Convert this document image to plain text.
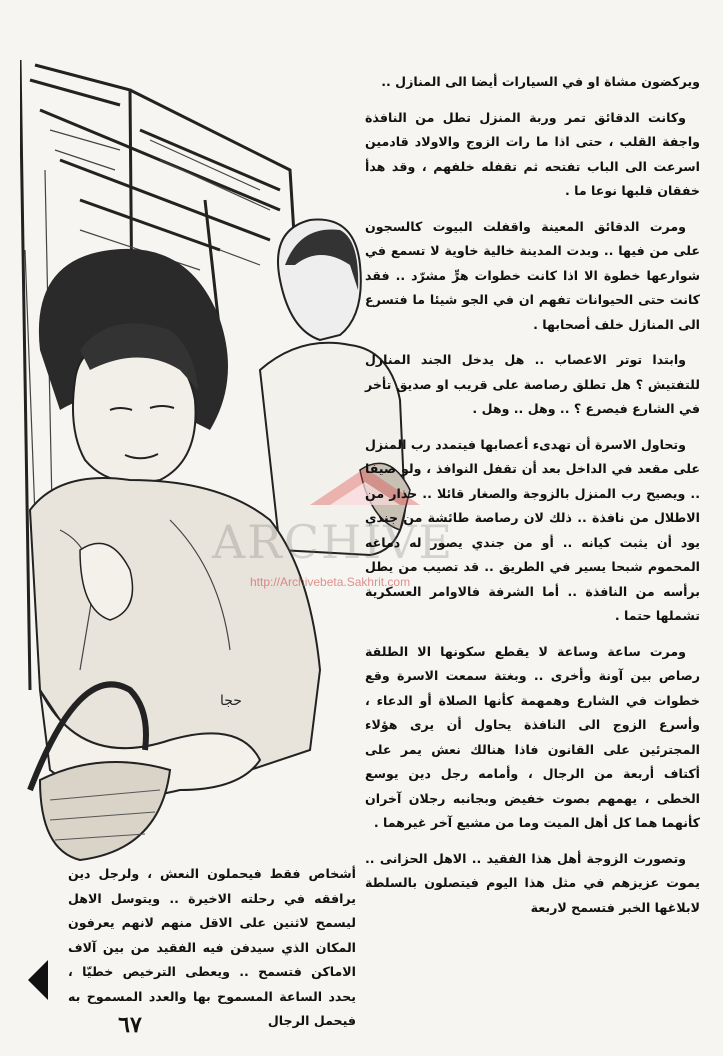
حجا
ARCHIVE
http://Archivebeta.Sakhrit.com

ويركضون مشاة او في السيارات أيضا الى المنازل ..

وكانت الدقائق تمر وربة المنزل تطل من النافذة واجفة القلب ، حتى اذا ما رات الزوج والاولاد قادمين اسرعت الى الباب تفتحه ثم تقفله خلفهم ، وقد هدأ خفقان قلبها نوعا ما .

ومرت الدقائق المعينة واقفلت البيوت كالسجون على من فيها .. وبدت المدينة خالية خاوية لا تسمع في شوارعها خطوة الا اذا كانت خطوات هرٍّ مشرّد .. فقد كانت حتى الحيوانات تفهم ان في الجو شيئا ما فتسرع الى المنازل خلف أصحابها .

وابتدا توتر الاعصاب .. هل يدخل الجند المنازل للتفتيش ؟ هل تطلق رصاصة على قريب او صديق تأخر في الشارع فيصرع ؟ .. وهل .. وهل .

وتحاول الاسرة أن تهدىء أعصابها فيتمدد رب المنزل على مقعد في الداخل بعد أن تقفل النوافذ ، ولو صيفا .. ويصيح رب المنزل بالزوجة والصغار قائلا .. حذار من الاطلال من نافذة .. ذلك لان رصاصة طائشة من جندي يود أن يثبت كيانه .. أو من جندي يصور له دماغه المحموم شبحا يسير في الطريق .. قد تصيب من يطل برأسه من النافذة .. أما الشرفة فالاوامر العسكرية تشملها حتما .

ومرت ساعة وساعة لا يقطع سكونها الا الطلقة رصاص بين آونة وأخرى .. وبغتة سمعت الاسرة وقع خطوات في الشارع وهمهمة كأنها الصلاة أو الدعاء ، وأسرع الزوج الى النافذة يحاول أن يرى هؤلاء المجترئين على القانون فاذا هنالك نعش يمر على أكتاف أربعة من الرجال ، وأمامه رجل دين يوسع الخطى ، يهمهم بصوت خفيض وبجانبه رجلان آخران كأنهما هما كل أهل الميت وما من مشيع آخر غيرهما .

وتصورت الزوجة أهل هذا الفقيد .. الاهل الحزانى .. يموت عزيزهم في مثل هذا اليوم فيتصلون بالسلطة لابلاغها الخبر فتسمح لاربعة

أشخاص فقط فيحملون النعش ، ولرجل دين يرافقه في رحلته الاخيرة .. ويتوسل الاهل ليسمح لاثنين على الاقل منهم لانهم يعرفون المكان الذي سيدفن فيه الفقيد من بين آلاف الاماكن فتسمح .. ويعطى الترخيص خطيّا ، يحدد الساعة المسموح بها والعدد المسموح به فيحمل الرجال

٦٧
